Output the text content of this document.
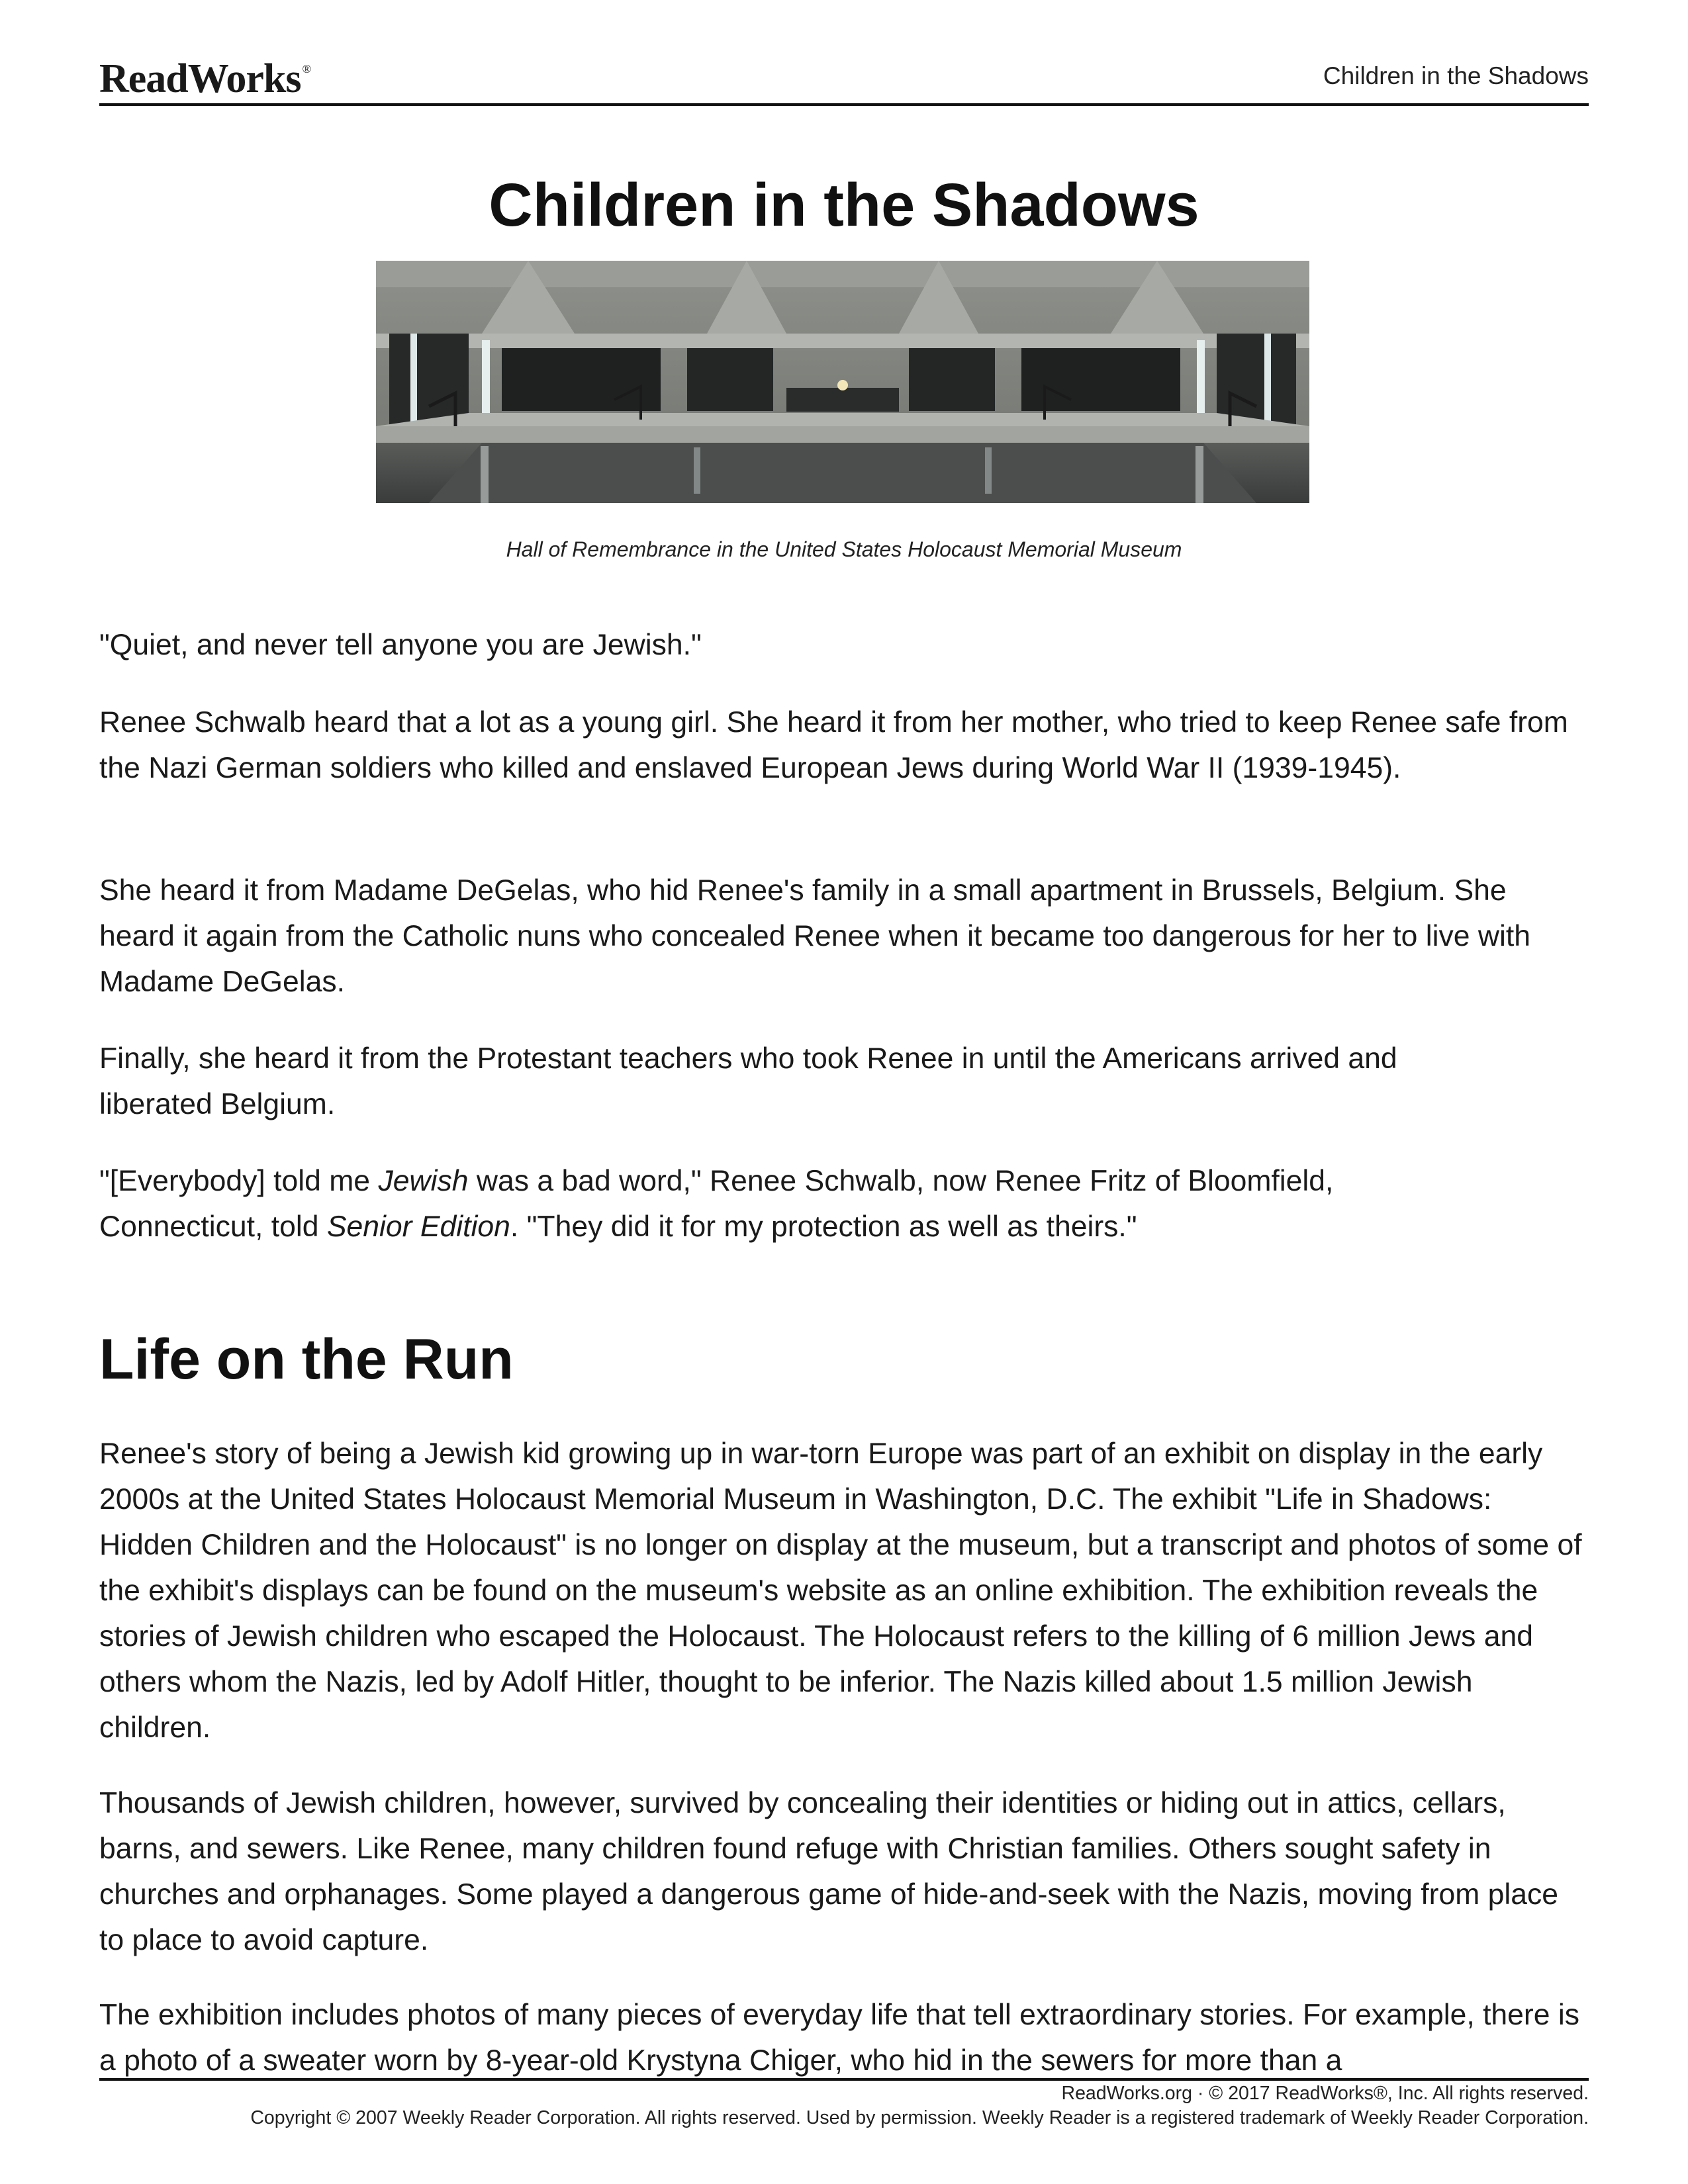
ReadWorks ®	Children in the Shadows
Children in the Shadows
Hall of Remembrance in the United States Holocaust Memorial Museum

"Quiet, and never tell anyone you are Jewish."

Renee Schwalb heard that a lot as a young girl. She heard it from her mother, who tried to keep Renee safe from the Nazi German soldiers who killed and enslaved European Jews during World War II (1939-1945).

She heard it from Madame DeGelas, who hid Renee's family in a small apartment in Brussels, Belgium. She heard it again from the Catholic nuns who concealed Renee when it became too dangerous for her to live with Madame DeGelas.

Finally, she heard it from the Protestant teachers who took Renee in until the Americans arrived and liberated Belgium.

"[Everybody] told me Jewish was a bad word," Renee Schwalb, now Renee Fritz of Bloomfield, Connecticut, told Senior Edition. "They did it for my protection as well as theirs."

Life on the Run

Renee's story of being a Jewish kid growing up in war-torn Europe was part of an exhibit on display in the early 2000s at the United States Holocaust Memorial Museum in Washington, D.C. The exhibit "Life in Shadows: Hidden Children and the Holocaust" is no longer on display at the museum, but a transcript and photos of some of the exhibit's displays can be found on the museum's website as an online exhibition. The exhibition reveals the stories of Jewish children who escaped the Holocaust. The Holocaust refers to the killing of 6 million Jews and others whom the Nazis, led by Adolf Hitler, thought to be inferior. The Nazis killed about 1.5 million Jewish children.

Thousands of Jewish children, however, survived by concealing their identities or hiding out in attics, cellars, barns, and sewers. Like Renee, many children found refuge with Christian families. Others sought safety in churches and orphanages. Some played a dangerous game of hide-and-seek with the Nazis, moving from place to place to avoid capture.

The exhibition includes photos of many pieces of everyday life that tell extraordinary stories. For example, there is a photo of a sweater worn by 8-year-old Krystyna Chiger, who hid in the sewers for more than a

ReadWorks.org · © 2017 ReadWorks®, Inc. All rights reserved.
Copyright © 2007 Weekly Reader Corporation. All rights reserved. Used by permission. Weekly Reader is a registered trademark of Weekly Reader Corporation.
